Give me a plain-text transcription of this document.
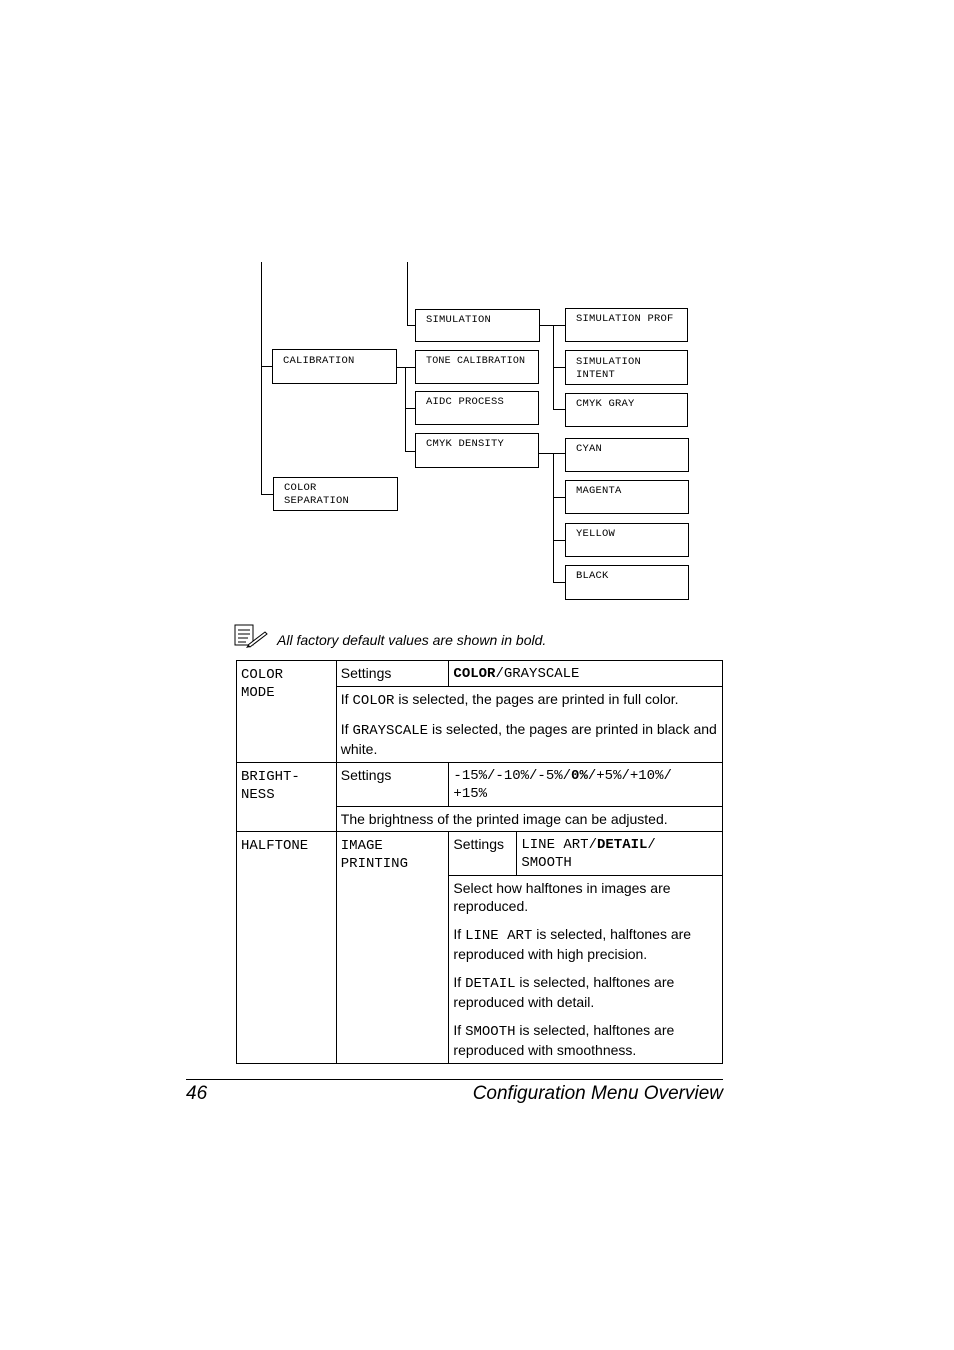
CALIBRATION
COLOR
SEPARATION
SIMULATION
TONE CALIBRATION
AIDC PROCESS
CMYK DENSITY
SIMULATION PROF
SIMULATION
INTENT
CMYK GRAY
CYAN
MAGENTA
YELLOW
BLACK
All factory default values are shown in bold.
COLOR
MODE	Settings	COLOR/GRAYSCALE	

	If COLOR is selected, the pages are printed in full color.

If GRAYSCALE is selected, the pages are printed in black and white.		

BRIGHT-
NESS	Settings	-15%/-10%/-5%/0%/+5%/+10%/
+15%	
	The brightness of the printed image can be adjusted.		
HALFTONE	IMAGE
PRINTING	Settings	LINE ART/DETAIL/
SMOOTH

		Select how halftones in images are reproduced.

If LINE ART is selected, halftones are reproduced with high precision.

If DETAIL is selected, halftones are reproduced with detail.

If SMOOTH is selected, halftones are reproduced with smoothness.	

46	Configuration Menu Overview
